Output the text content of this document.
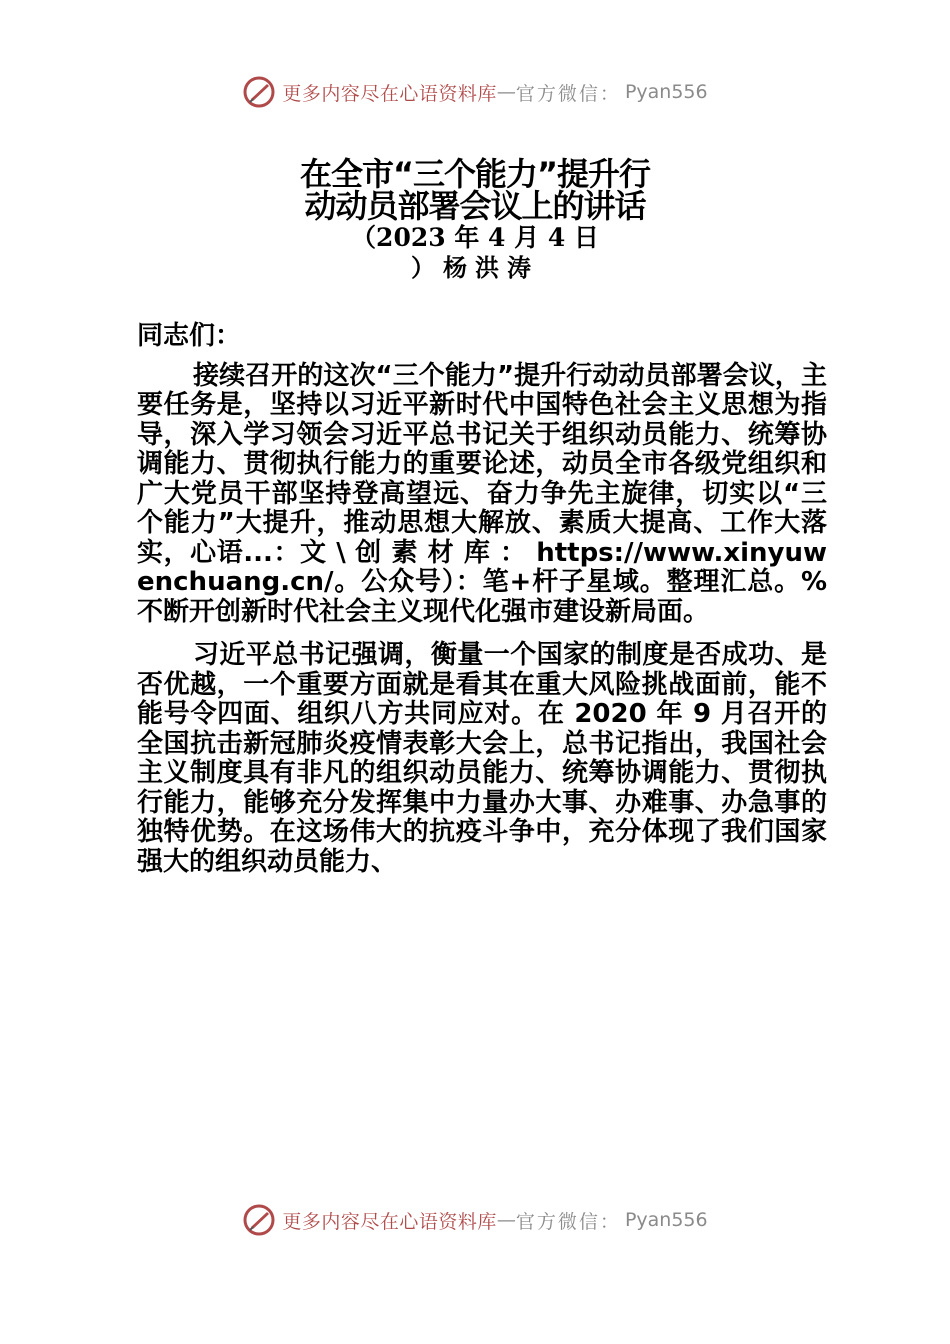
更多内容尽在心语资料库 — 官方微信： Pyan556
在全市“三个能力”提升行
动动员部署会议上的讲话
（2023 年 4 月 4 日
）杨洪涛

同志们：

接续召开的这次“三个能力”提升行动动员部署会议，主要任务是，坚持以习近平新时代中国特色社会主义思想为指导，深入学习领会习近平总书记关于组织动员能力、统筹协调能力、贯彻执行能力的重要论述，动员全市各级党组织和广大党员干部坚持登高望远、奋力争先主旋律，切实以“三个能力”大提升，推动思想大解放、素质大提高、工作大落实，心语...：文 \ 创 素 材 库 ： https://www.xinyuwenchuang.cn/。公众号）：笔+杆子星域。整理汇总。%不断开创新时代社会主义现代化强市建设新局面。

习近平总书记强调，衡量一个国家的制度是否成功、是否优越，一个重要方面就是看其在重大风险挑战面前，能不能号令四面、组织八方共同应对。在 2020 年 9 月召开的全国抗击新冠肺炎疫情表彰大会上，总书记指出，我国社会主义制度具有非凡的组织动员能力、统筹协调能力、贯彻执行能力，能够充分发挥集中力量办大事、办难事、办急事的独特优势。在这场伟大的抗疫斗争中，充分体现了我们国家强大的组织动员能力、

更多内容尽在心语资料库 — 官方微信： Pyan556
